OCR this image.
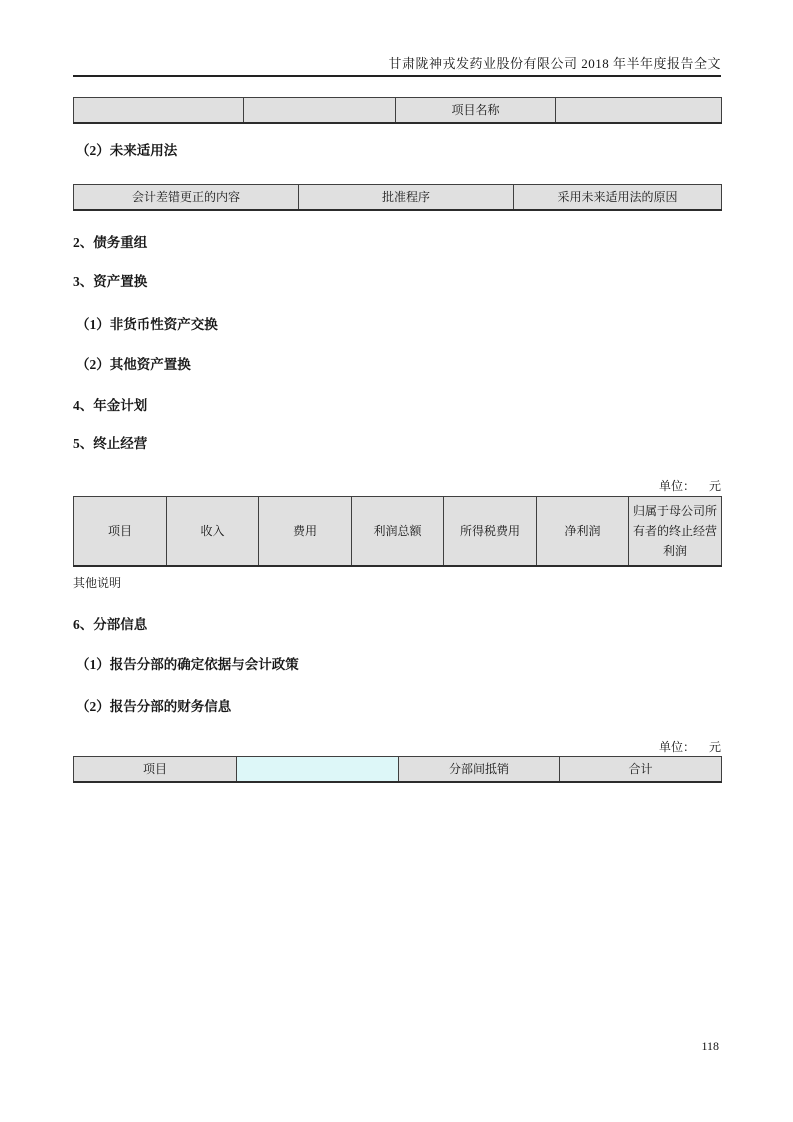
甘肃陇神戎发药业股份有限公司 2018 年半年度报告全文
		项目名称	
（2）未来适用法
会计差错更正的内容	批准程序	采用未来适用法的原因
2、债务重组
3、资产置换
（1）非货币性资产交换
（2）其他资产置换
4、年金计划
5、终止经营
单位： 元
项目	收入	费用	利润总额	所得税费用	净利润	归属于母公司所有者的终止经营利润
其他说明
6、分部信息
（1）报告分部的确定依据与会计政策
（2）报告分部的财务信息
单位： 元
项目		分部间抵销	合计
118
